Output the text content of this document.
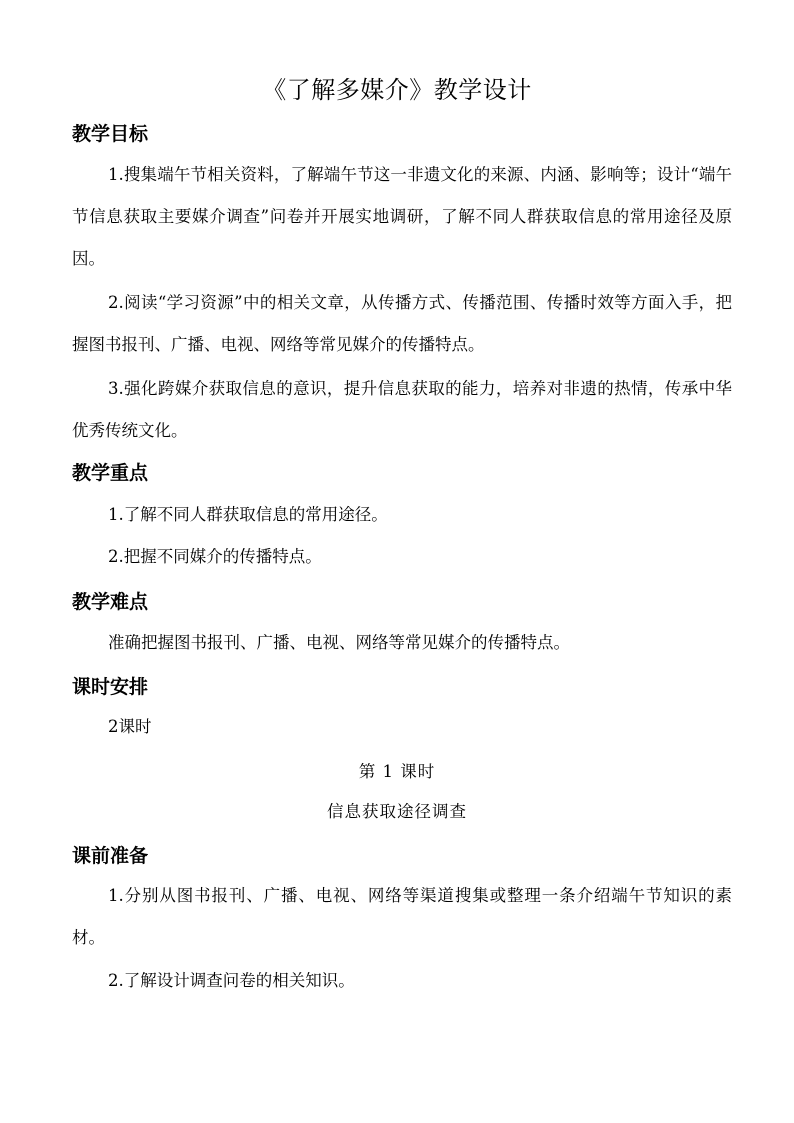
《了解多媒介》教学设计
教学目标
1.搜集端午节相关资料，了解端午节这一非遗文化的来源、内涵、影响等；设计“端午节信息获取主要媒介调查”问卷并开展实地调研，了解不同人群获取信息的常用途径及原因。
2.阅读“学习资源”中的相关文章，从传播方式、传播范围、传播时效等方面入手，把握图书报刊、广播、电视、网络等常见媒介的传播特点。
3.强化跨媒介获取信息的意识，提升信息获取的能力，培养对非遗的热情，传承中华优秀传统文化。
教学重点
1.了解不同人群获取信息的常用途径。
2.把握不同媒介的传播特点。
教学难点
准确把握图书报刊、广播、电视、网络等常见媒介的传播特点。
课时安排
2课时
第 1 课时
信息获取途径调查
课前准备
1.分别从图书报刊、广播、电视、网络等渠道搜集或整理一条介绍端午节知识的素材。
2.了解设计调查问卷的相关知识。
